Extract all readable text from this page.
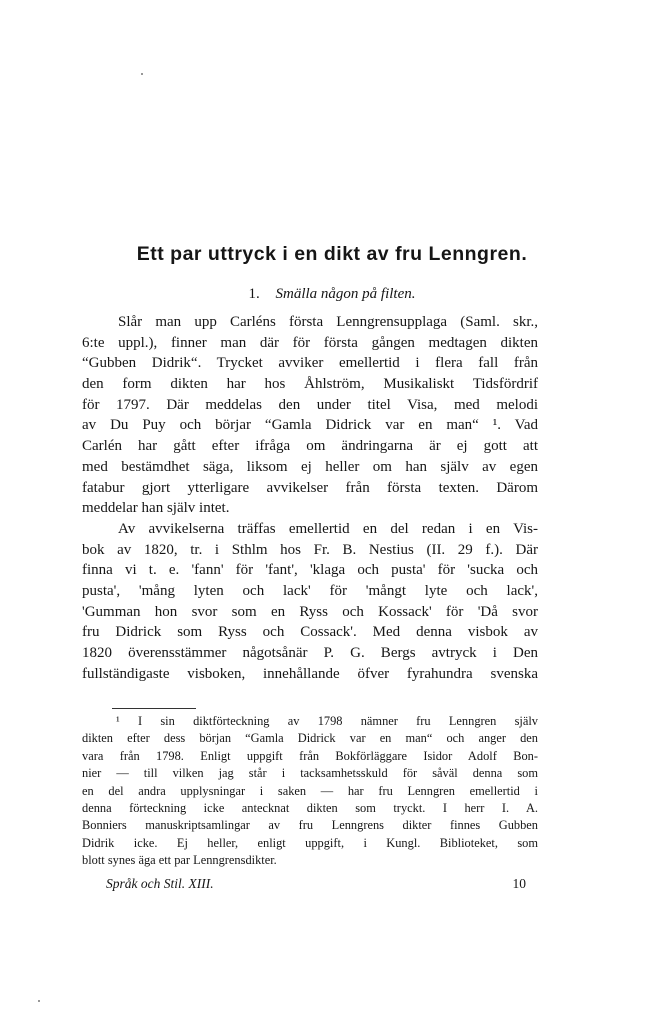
Ett par uttryck i en dikt av fru Lenngren.

1. Smälla någon på filten.

Slår man upp Carléns första Lenngrensupplaga (Saml. skr.,
6:te uppl.), finner man där för första gången medtagen dikten
“Gubben Didrik“. Trycket avviker emellertid i flera fall från
den form dikten har hos Åhlström, Musikaliskt Tidsfördrif
för 1797. Där meddelas den under titel Visa, med melodi
av Du Puy och börjar “Gamla Didrick var en man“ ¹. Vad
Carlén har gått efter ifråga om ändringarna är ej gott att
med bestämdhet säga, liksom ej heller om han själv av egen
fatabur gjort ytterligare avvikelser från första texten. Därom
meddelar han själv intet.
Av avvikelserna träffas emellertid en del redan i en Vis-
bok av 1820, tr. i Sthlm hos Fr. B. Nestius (II. 29 f.). Där
finna vi t. e. 'fann' för 'fant', 'klaga och pusta' för 'sucka och
pusta', 'mång lyten och lack' för 'mångt lyte och lack',
'Gumman hon svor som en Ryss och Kossack' för 'Då svor
fru Didrick som Ryss och Cossack'. Med denna visbok av
1820 överensstämmer någotsånär P. G. Bergs avtryck i Den
fullständigaste visboken, innehållande öfver fyrahundra svenska
¹ I sin diktförteckning av 1798 nämner fru Lenngren själv
dikten efter dess början “Gamla Didrick var en man“ och anger den
vara från 1798. Enligt uppgift från Bokförläggare Isidor Adolf Bon-
nier — till vilken jag står i tacksamhetsskuld för såväl denna som
en del andra upplysningar i saken — har fru Lenngren emellertid i
denna förteckning icke antecknat dikten som tryckt. I herr I. A.
Bonniers manuskriptsamlingar av fru Lenngrens dikter finnes Gubben
Didrik icke. Ej heller, enligt uppgift, i Kungl. Biblioteket, som
blott synes äga ett par Lenngrensdikter.
Språk och Stil. XIII.	10
